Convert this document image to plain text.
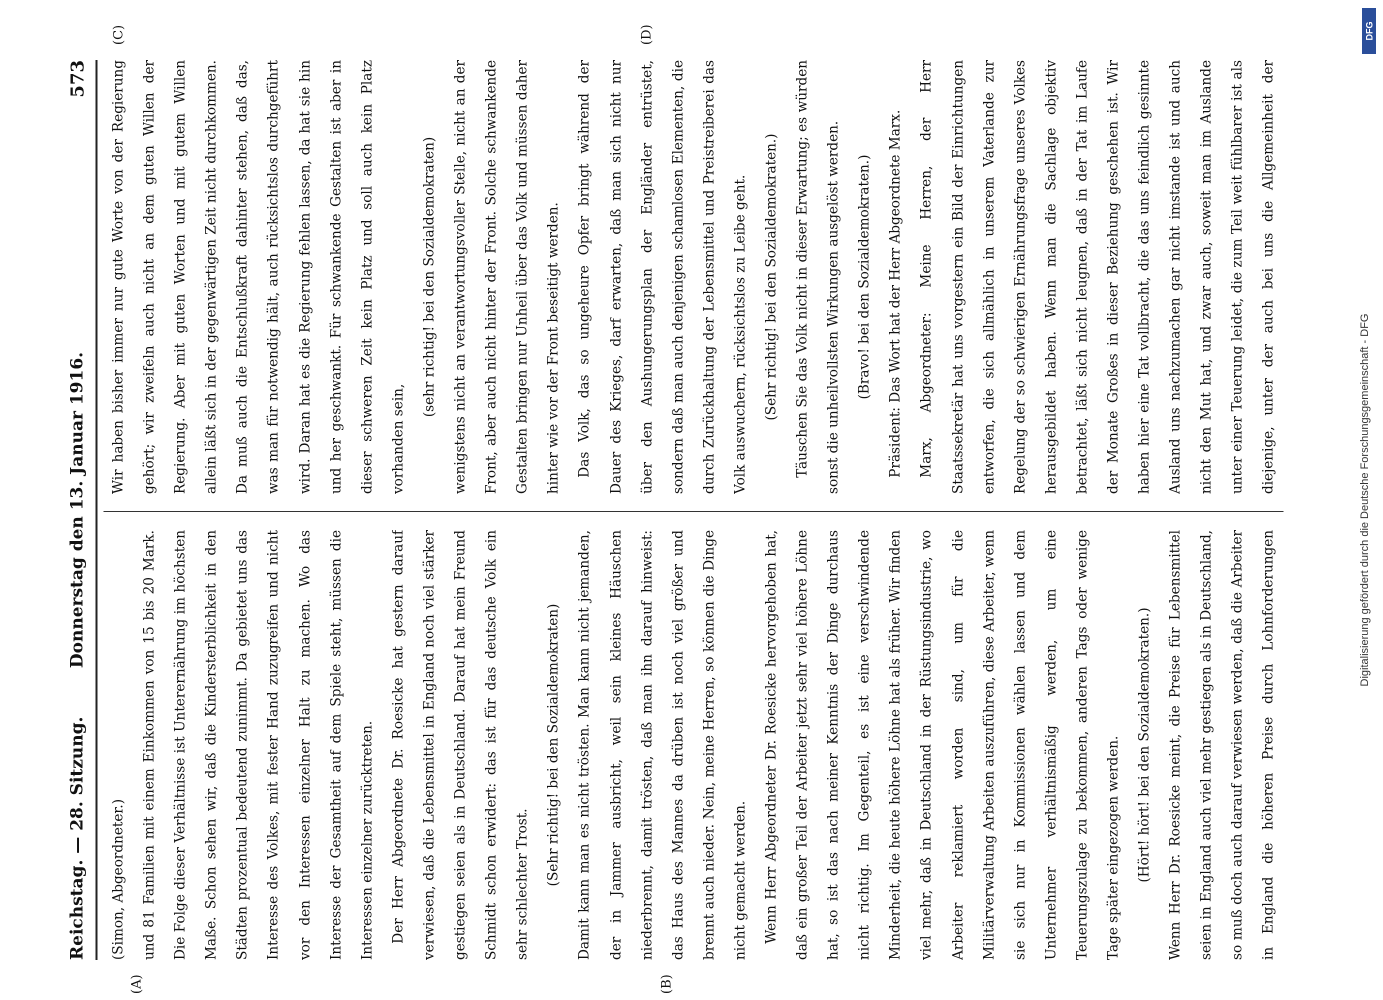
Reichstag. — 28. Sitzung.
Donnerstag den 13. Januar 1916.
573
(A)	(B)
(C)	(D)

(Simon, Abgeordneter.)	und 81 Familien mit einem Einkommen von 15 bis 20 Mark. Die Folge dieser Verhältnisse ist Unterernährung im höchsten Maße. Schon sehen wir, daß die Kindersterblichkeit in den Städten prozentual bedeutend zunimmt. Da gebietet uns das Interesse des Volkes, mit fester Hand zuzugreifen und nicht vor den Interessen einzelner Halt zu machen. Wo das Interesse der Gesamtheit auf dem Spiele steht, müssen die Interessen einzelner zurücktreten.	Der Herr Abgeordnete Dr. Roesicke hat gestern darauf verwiesen, daß die Lebensmittel in England noch viel stärker gestiegen seien als in Deutschland. Darauf hat mein Freund Schmidt schon erwidert: das ist für das deutsche Volk ein sehr schlechter Trost.	(Sehr richtig! bei den Sozialdemokraten)	Damit kann man es nicht trösten. Man kann nicht jemanden, der in Jammer ausbricht, weil sein kleines Häuschen niederbrennt, damit trösten, daß man ihn darauf hinweist: das Haus des Mannes da drüben ist noch viel größer und brennt auch nieder. Nein, meine Herren, so können die Dinge nicht gemacht werden.	Wenn Herr Abgeordneter Dr. Roesicke hervorgehoben hat, daß ein großer Teil der Arbeiter jetzt sehr viel höhere Löhne hat, so ist das nach meiner Kenntnis der Dinge durchaus nicht richtig. Im Gegenteil, es ist eine verschwindende Minderheit, die heute höhere Löhne hat als früher. Wir finden viel mehr, daß in Deutschland in der Rüstungsindustrie, wo Arbeiter reklamiert worden sind, um für die Militärverwaltung Arbeiten auszuführen, diese Arbeiter, wenn sie sich nur in Kommissionen wählen lassen und dem Unternehmer verhältnismäßig werden, um eine Teuerungszulage zu bekommen, anderen Tags oder wenige Tage später eingezogen werden.	(Hört! hört! bei den Sozialdemokraten.)

Wenn Herr Dr. Roesicke meint, die Preise für Lebensmittel seien in England auch viel mehr gestiegen als in Deutschland, so muß doch auch darauf verwiesen werden, daß die Arbeiter in England die höheren Preise durch Lohnforderungen

Wir haben bisher immer nur gute Worte von der Regierung gehört; wir zweifeln auch nicht an dem guten Willen der Regierung. Aber mit guten Worten und mit gutem Willen allein läßt sich in der gegenwärtigen Zeit nicht durchkommen. Da muß auch die Entschlußkraft dahinter stehen, daß das, was man für notwendig hält, auch rücksichtslos durchgeführt wird. Daran hat es die Regierung fehlen lassen, da hat sie hin und her geschwankt. Für schwankende Gestalten ist aber in dieser schweren Zeit kein Platz und soll auch kein Platz vorhanden sein,

(sehr richtig! bei den Sozialdemokraten)	wenigstens nicht an verantwortungsvoller Stelle, nicht an der Front, aber auch nicht hinter der Front. Solche schwankende Gestalten bringen nur Unheil über das Volk und müssen daher hinter wie vor der Front beseitigt werden.	Das Volk, das so ungeheure Opfer bringt während der Dauer des Krieges, darf erwarten, daß man sich nicht nur über den Aushungerungsplan der Engländer entrüstet, sondern daß man auch denjenigen schamlosen Elementen, die durch Zurückhaltung der Lebensmittel und Preistreiberei das Volk auswuchern, rücksichtslos zu Leibe geht.	(Sehr richtig! bei den Sozialdemokraten.)	Täuschen Sie das Volk nicht in dieser Erwartung; es würden sonst die unheilvollsten Wirkungen ausgelöst werden.	(Bravo! bei den Sozialdemokraten.)	Präsident: Das Wort hat der Herr Abgeordnete Marx.	Marx, Abgeordneter: Meine Herren, der Herr Staatssekretär hat uns vorgestern ein Bild der Einrichtungen entworfen, die sich allmählich in unserem Vaterlande zur Regelung der so schwierigen Ernährungsfrage unseres Volkes herausgebildet haben. Wenn man die Sachlage objektiv betrachtet, läßt sich nicht leugnen, daß in der Tat im Laufe der Monate Großes in dieser Beziehung geschehen ist. Wir haben hier eine Tat vollbracht, die das uns feindlich gesinnte Ausland uns nachzumachen gar nicht imstande ist und auch nicht den Mut hat, und zwar auch, soweit man im Auslande unter einer Teuerung leidet, die zum Teil weit fühlbarer ist als diejenige, unter der auch bei uns die Allgemeinheit der

DFG
Digitalisierung gefördert durch die Deutsche Forschungsgemeinschaft - DFG
